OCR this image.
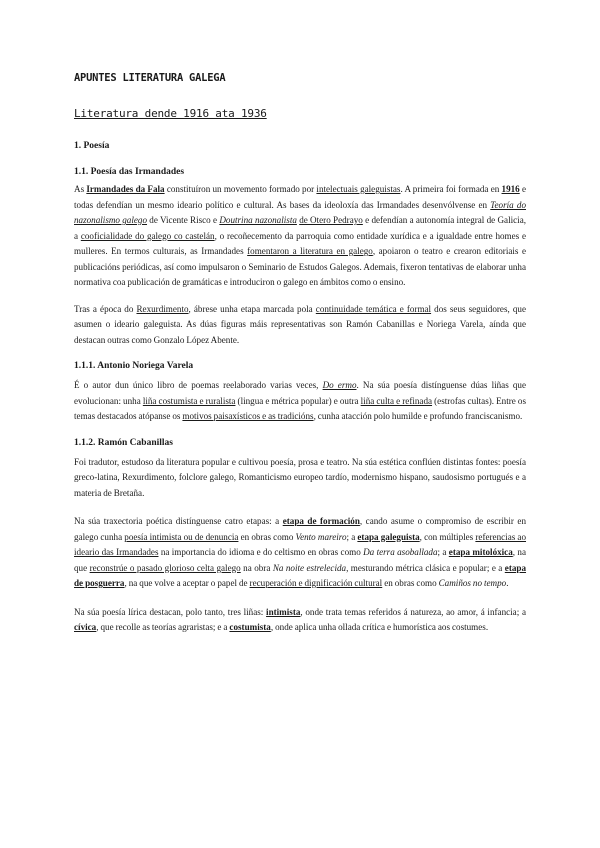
APUNTES LITERATURA GALEGA
Literatura dende 1916 ata 1936
1. Poesía
1.1. Poesía das Irmandades

As Irmandades da Fala constituíron un movemento formado por intelectuais galeguistas. A primeira foi formada en 1916 e todas defendían un mesmo ideario político e cultural. As bases da ideoloxía das Irmandades desenvólvense en Teoría do nazonalismo galego de Vicente Risco e Doutrina nazonalista de Otero Pedrayo e defendían a autonomía integral de Galicia, a cooficialidade do galego co castelán, o recoñecemento da parroquia como entidade xurídica e a igualdade entre homes e mulleres. En termos culturais, as Irmandades fomentaron a literatura en galego, apoiaron o teatro e crearon editoriais e publicacións periódicas, así como impulsaron o Seminario de Estudos Galegos. Ademais, fixeron tentativas de elaborar unha normativa coa publicación de gramáticas e introduciron o galego en ámbitos como o ensino.

Tras a época do Rexurdimento, ábrese unha etapa marcada pola continuidade temática e formal dos seus seguidores, que asumen o ideario galeguista. As dúas figuras máis representativas son Ramón Cabanillas e Noriega Varela, aínda que destacan outras como Gonzalo López Abente.

1.1.1. Antonio Noriega Varela

É o autor dun único libro de poemas reelaborado varias veces, Do ermo. Na súa poesía distínguense dúas liñas que evolucionan: unha liña costumista e ruralista (lingua e métrica popular) e outra liña culta e refinada (estrofas cultas). Entre os temas destacados atópanse os motivos paisaxísticos e as tradicións, cunha atacción polo humilde e profundo franciscanismo.

1.1.2. Ramón Cabanillas

Foi tradutor, estudoso da literatura popular e cultivou poesía, prosa e teatro. Na súa estética conflúen distintas fontes: poesía greco-latina, Rexurdimento, folclore galego, Romanticismo europeo tardío, modernismo hispano, saudosismo portugués e a materia de Bretaña.

Na súa traxectoria poética distínguense catro etapas: a etapa de formación, cando asume o compromiso de escribir en galego cunha poesía intimista ou de denuncia en obras como Vento mareiro; a etapa galeguista, con múltiples referencias ao ideario das Irmandades na importancia do idioma e do celtismo en obras como Da terra asoballada; a etapa mitolóxica, na que reconstrúe o pasado glorioso celta galego na obra Na noite estrelecida, mesturando métrica clásica e popular; e a etapa de posguerra, na que volve a aceptar o papel de recuperación e dignificación cultural en obras como Camiños no tempo.

Na súa poesía lírica destacan, polo tanto, tres liñas: intimista, onde trata temas referidos á natureza, ao amor, á infancia; a cívica, que recolle as teorías agraristas; e a costumista, onde aplica unha ollada crítica e humorística aos costumes.
